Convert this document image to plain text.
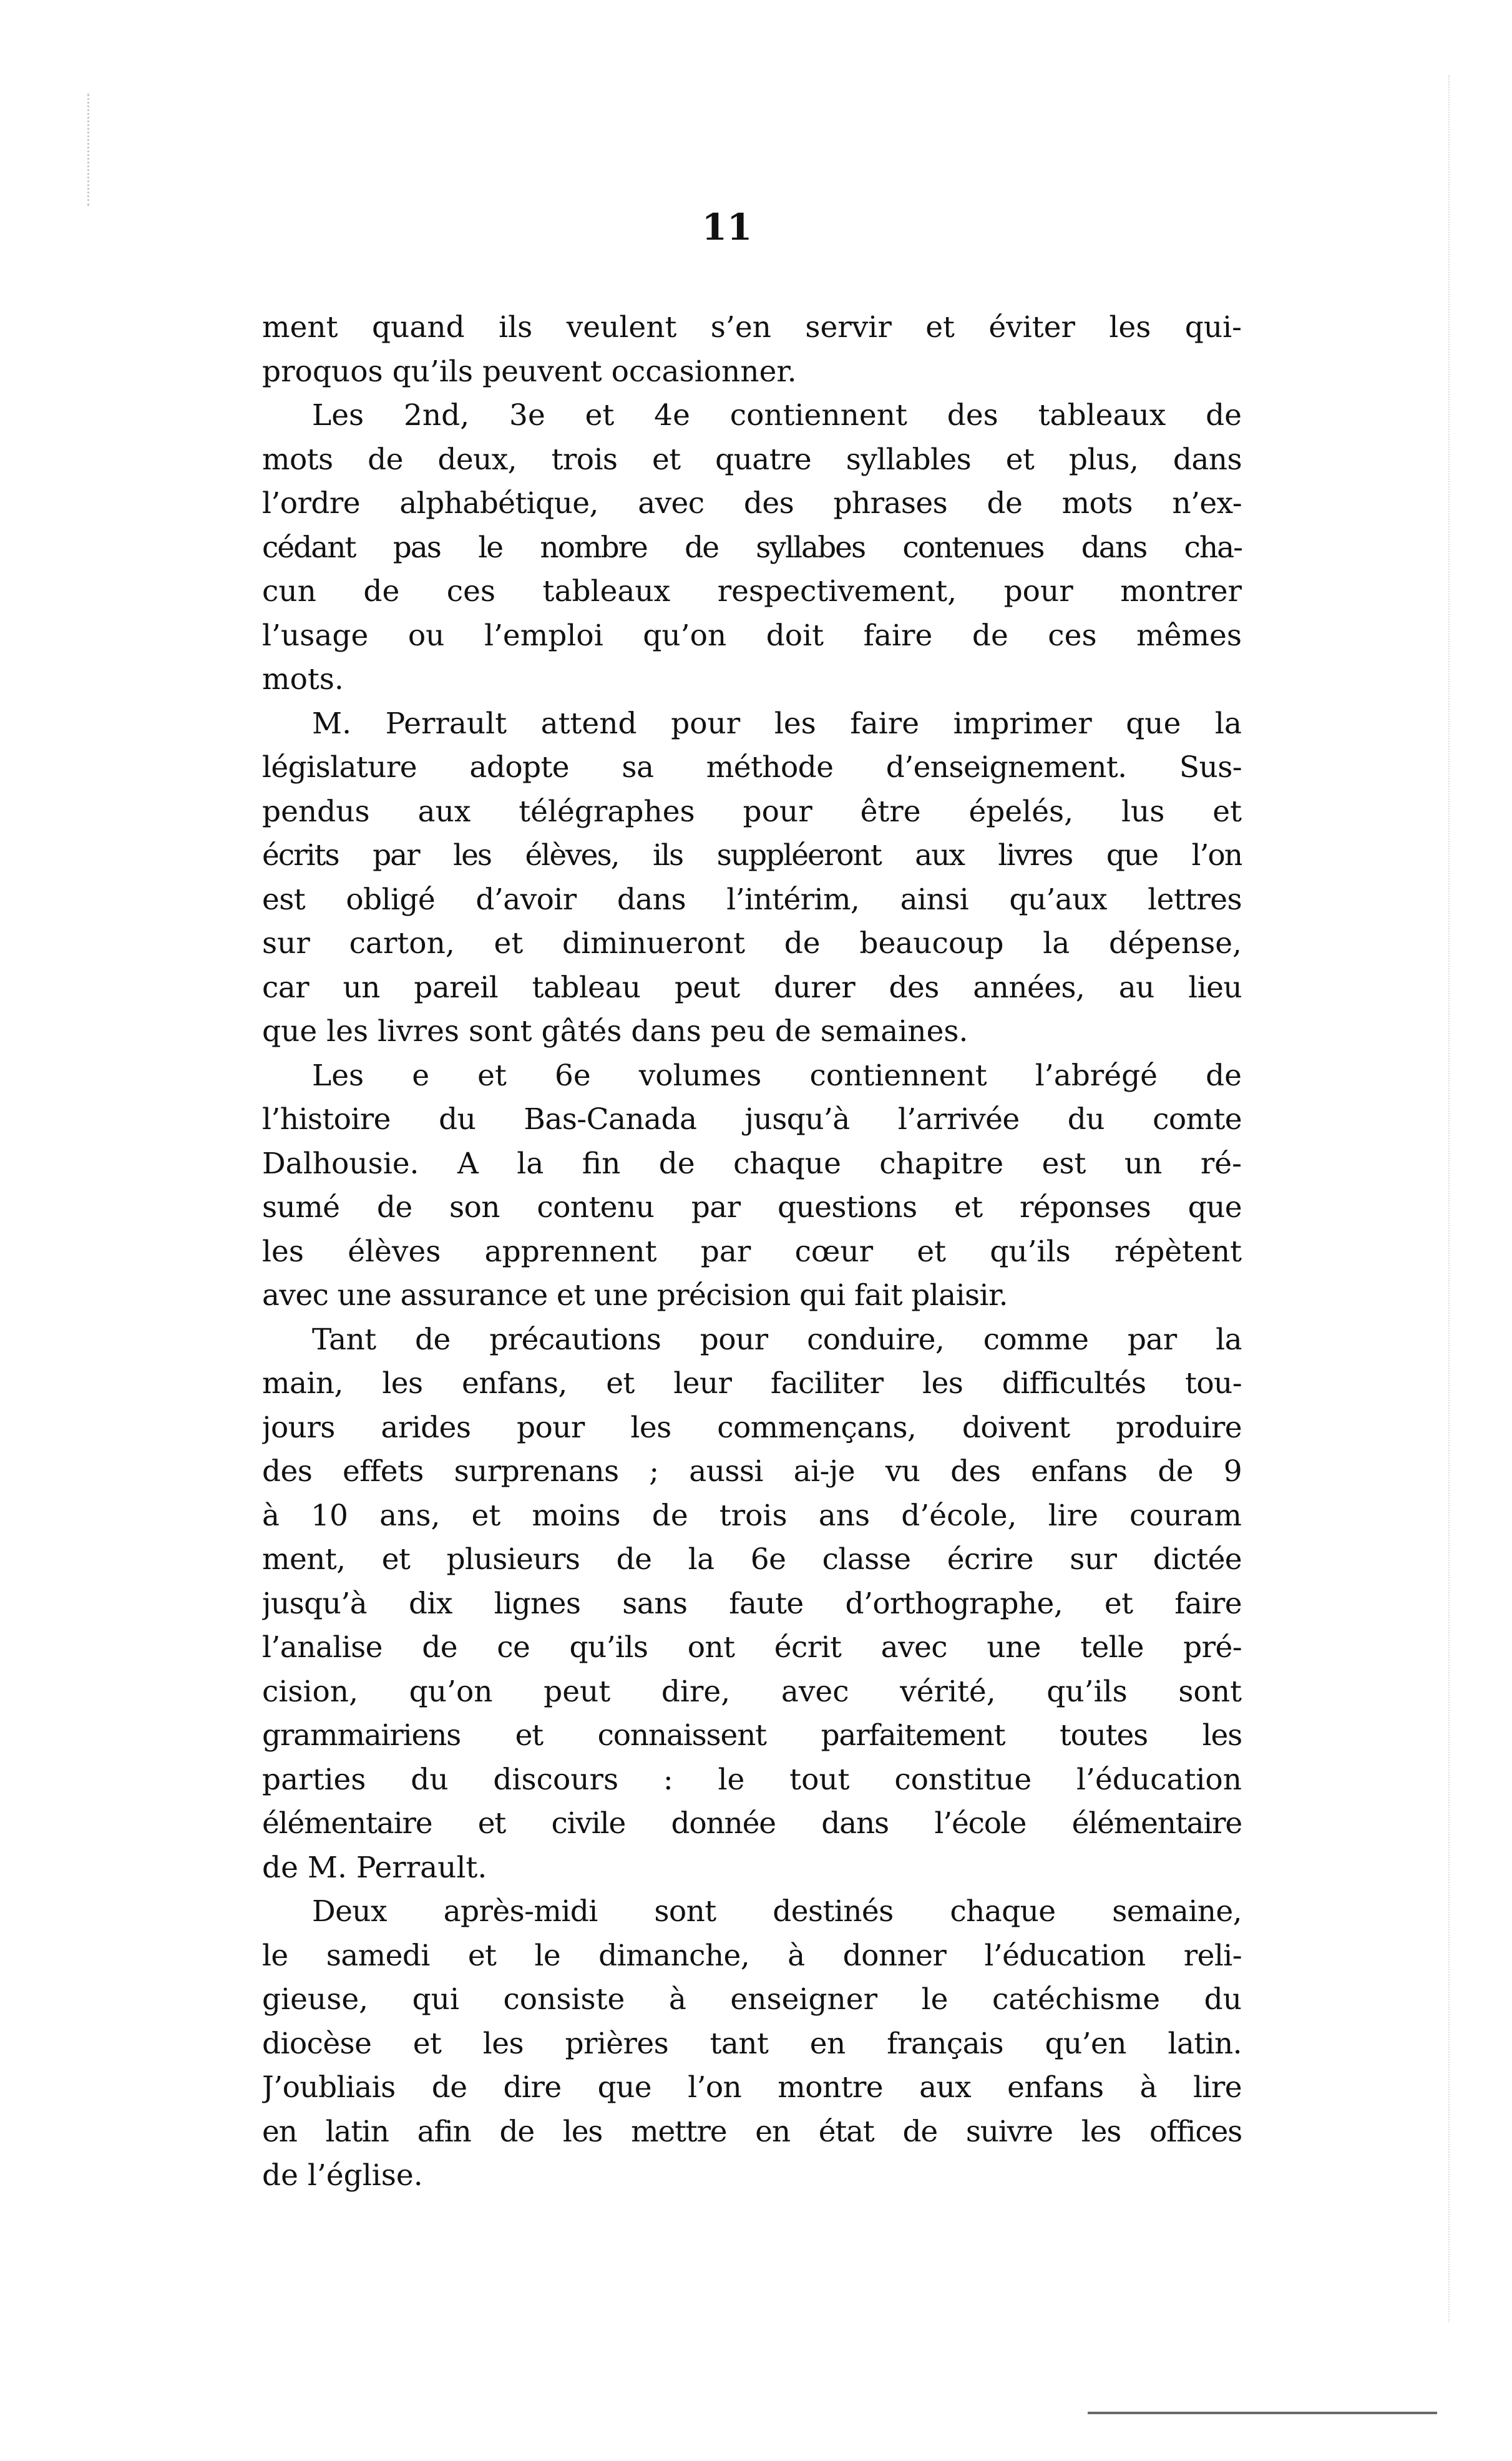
11
ment quand ils veulent s’en servir et éviter les qui-
proquos qu’ils peuvent occasionner.
Les 2nd, 3e et 4e contiennent des tableaux de
mots de deux, trois et quatre syllables et plus, dans
l’ordre alphabétique, avec des phrases de mots n’ex-
cédant pas le nombre de syllabes contenues dans cha-
cun de ces tableaux respectivement, pour montrer
l’usage ou l’emploi qu’on doit faire de ces mêmes
mots.
M. Perrault attend pour les faire imprimer que la
législature adopte sa méthode d’enseignement. Sus-
pendus aux télégraphes pour être épelés, lus et
écrits par les élèves, ils suppléeront aux livres que l’on
est obligé d’avoir dans l’intérim, ainsi qu’aux lettres
sur carton, et diminueront de beaucoup la dépense,
car un pareil tableau peut durer des années, au lieu
que les livres sont gâtés dans peu de semaines.
Les e et 6e volumes contiennent l’abrégé de
l’histoire du Bas-Canada jusqu’à l’arrivée du comte
Dalhousie. A la fin de chaque chapitre est un ré-
sumé de son contenu par questions et réponses que
les élèves apprennent par cœur et qu’ils répètent
avec une assurance et une précision qui fait plaisir.
Tant de précautions pour conduire, comme par la
main, les enfans, et leur faciliter les difficultés tou-
jours arides pour les commençans, doivent produire
des effets surprenans ; aussi ai-je vu des enfans de 9
à 10 ans, et moins de trois ans d’école, lire couram
ment, et plusieurs de la 6e classe écrire sur dictée
jusqu’à dix lignes sans faute d’orthographe, et faire
l’analise de ce qu’ils ont écrit avec une telle pré-
cision, qu’on peut dire, avec vérité, qu’ils sont
grammairiens et connaissent parfaitement toutes les
parties du discours : le tout constitue l’éducation
élémentaire et civile donnée dans l’école élémentaire
de M. Perrault.
Deux après-midi sont destinés chaque semaine,
le samedi et le dimanche, à donner l’éducation reli-
gieuse, qui consiste à enseigner le catéchisme du
diocèse et les prières tant en français qu’en latin.
J’oubliais de dire que l’on montre aux enfans à lire
en latin afin de les mettre en état de suivre les offices
de l’église.
